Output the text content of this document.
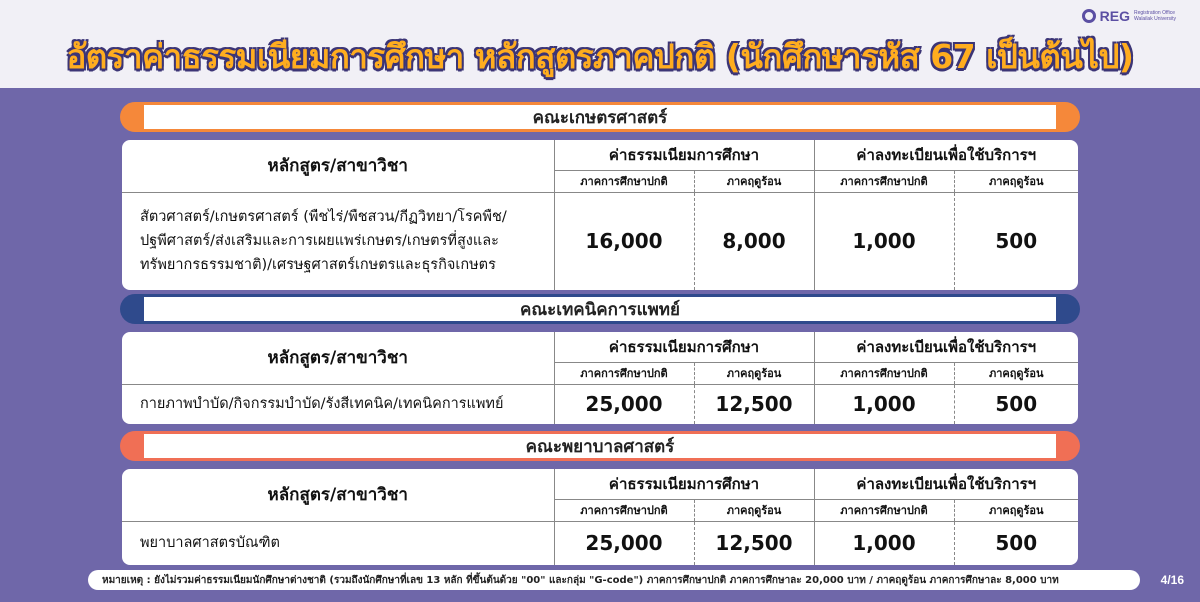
REG Registration Office Walailak University
อัตราค่าธรรมเนียมการศึกษา หลักสูตรภาคปกติ (นักศึกษารหัส 67 เป็นต้นไป)
คณะเกษตรศาสตร์
หลักสูตร/สาขาวิชา	ค่าธรรมเนียมการศึกษา		ค่าลงทะเบียนเพื่อใช้บริการฯ	
	ภาคการศึกษาปกติ	ภาคฤดูร้อน	ภาคการศึกษาปกติ	ภาคฤดูร้อน

สัตวศาสตร์/เกษตรศาสตร์ (พืชไร่/พืชสวน/กีฏวิทยา/โรคพืช/
ปฐพีศาสตร์/ส่งเสริมและการเผยแพร่เกษตร/เกษตรที่สูงและ
ทรัพยากรธรรมชาติ)/เศรษฐศาสตร์เกษตรและธุรกิจเกษตร	16,000	8,000	1,000	500
คณะเทคนิคการแพทย์
หลักสูตร/สาขาวิชา	ค่าธรรมเนียมการศึกษา		ค่าลงทะเบียนเพื่อใช้บริการฯ	
	ภาคการศึกษาปกติ	ภาคฤดูร้อน	ภาคการศึกษาปกติ	ภาคฤดูร้อน
กายภาพบำบัด/กิจกรรมบำบัด/รังสีเทคนิค/เทคนิคการแพทย์	25,000	12,500	1,000	500
คณะพยาบาลศาสตร์
หลักสูตร/สาขาวิชา	ค่าธรรมเนียมการศึกษา		ค่าลงทะเบียนเพื่อใช้บริการฯ	
	ภาคการศึกษาปกติ	ภาคฤดูร้อน	ภาคการศึกษาปกติ	ภาคฤดูร้อน
พยาบาลศาสตรบัณฑิต	25,000	12,500	1,000	500
หมายเหตุ : ยังไม่รวมค่าธรรมเนียมนักศึกษาต่างชาติ (รวมถึงนักศึกษาที่เลข 13 หลัก ที่ขึ้นต้นด้วย "00" และกลุ่ม "G-code") ภาคการศึกษาปกติ ภาคการศึกษาละ 20,000 บาท / ภาคฤดูร้อน ภาคการศึกษาละ 8,000 บาท	4/16
